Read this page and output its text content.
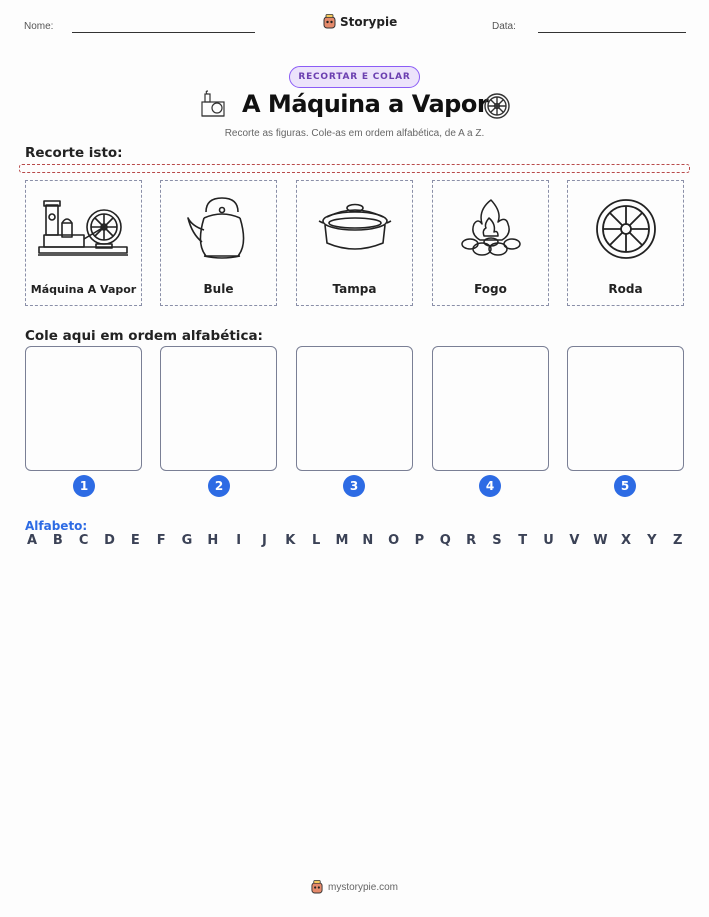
Nome:	Storypie	Data:
RECORTAR E COLAR
A Máquina a Vapor
Recorte as figuras. Cole-as em ordem alfabética, de A a Z.
Recorte isto:
Máquina A Vapor	Bule	Tampa	Fogo	Roda
Cole aqui em ordem alfabética:
1	2	3	4	5
Alfabeto:
A B C D E F G H	I	J	K L M N O P Q R S T U V W X Y Z
mystorypie.com
